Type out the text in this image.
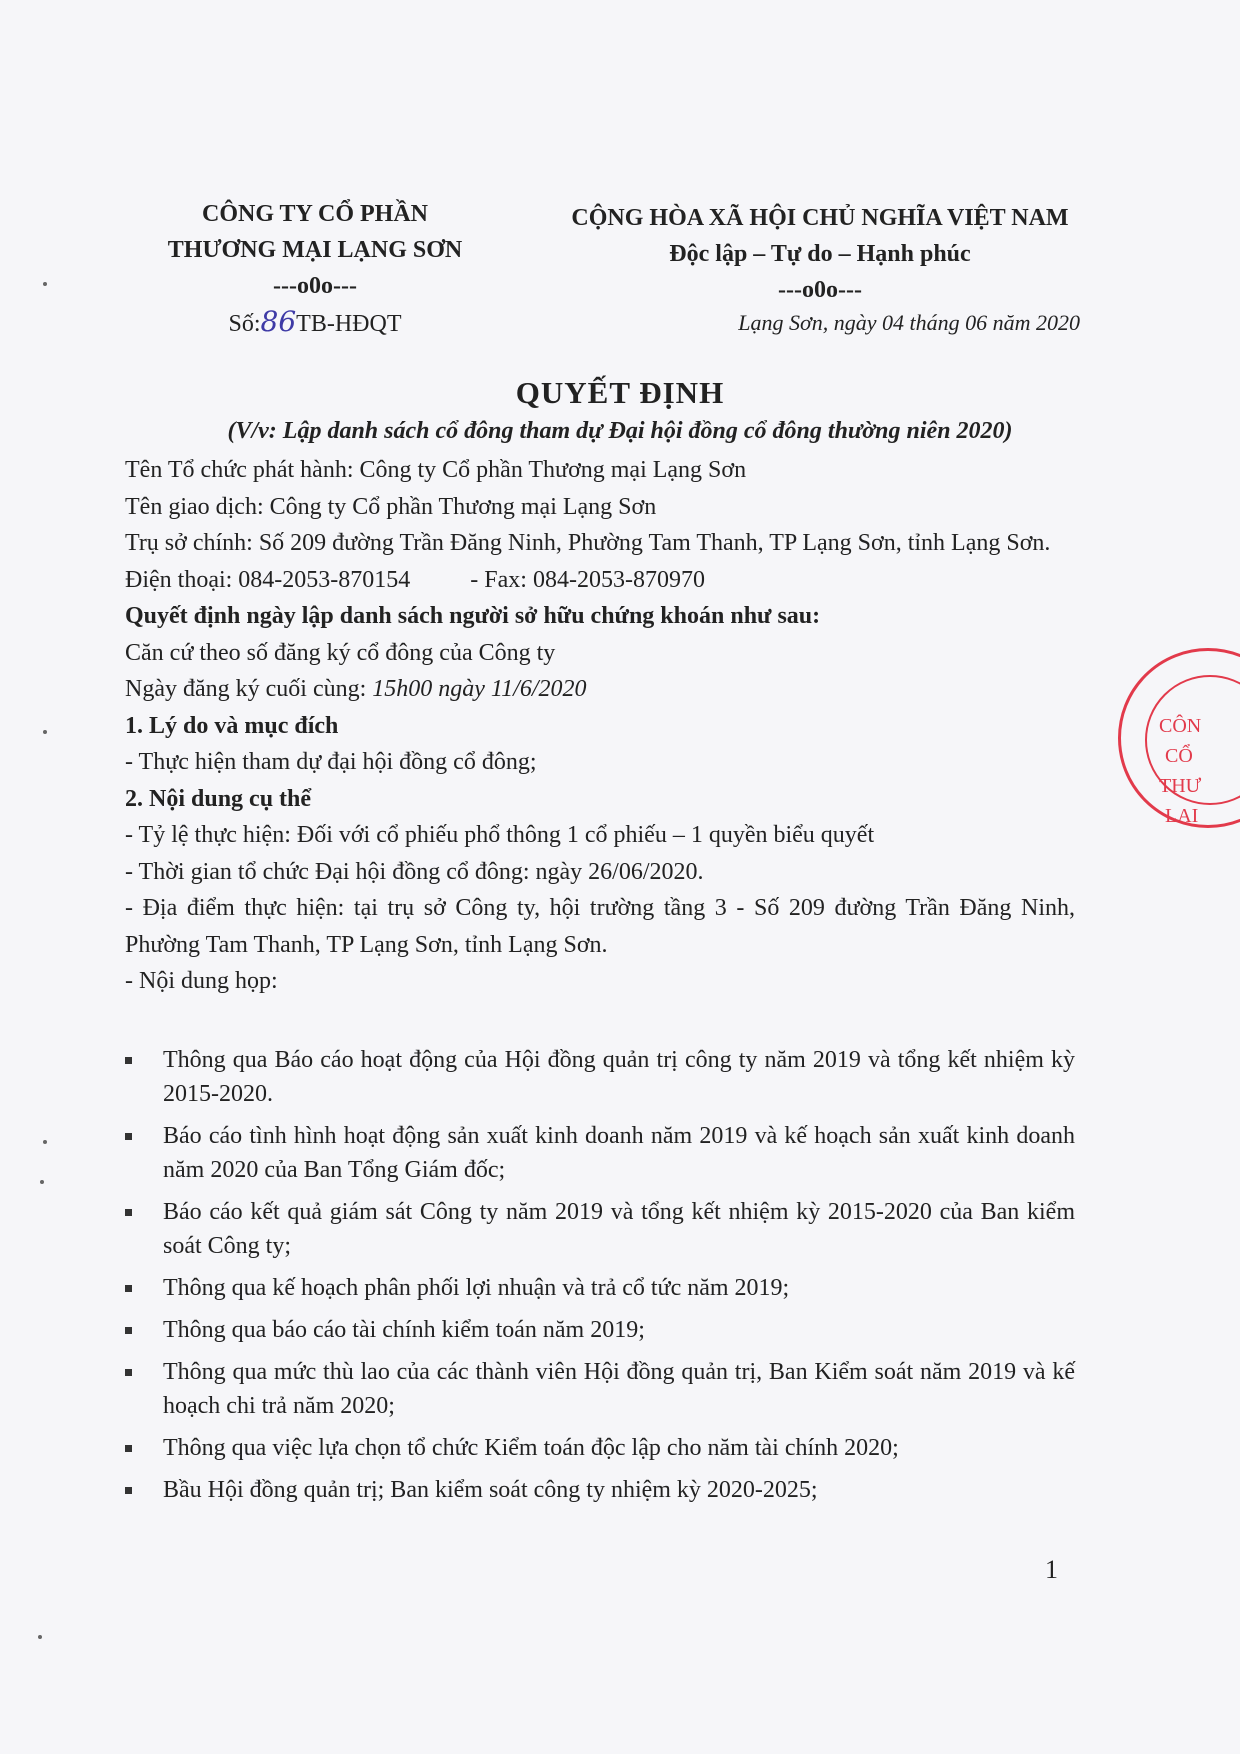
CÔNG TY CỔ PHẦN
THƯƠNG MẠI LẠNG SƠN
---o0o---
Số:86TB-HĐQT
CỘNG HÒA XÃ HỘI CHỦ NGHĨA VIỆT NAM
Độc lập – Tự do – Hạnh phúc
---o0o---
Lạng Sơn, ngày 04 tháng 06 năm 2020
QUYẾT ĐỊNH
(V/v: Lập danh sách cổ đông tham dự Đại hội đồng cổ đông thường niên 2020)

Tên Tổ chức phát hành: Công ty Cổ phần Thương mại Lạng Sơn

Tên giao dịch: Công ty Cổ phần Thương mại Lạng Sơn

Trụ sở chính: Số 209 đường Trần Đăng Ninh, Phường Tam Thanh, TP Lạng Sơn, tỉnh Lạng Sơn.

Điện thoại: 084-2053-870154	- Fax: 084-2053-870970

Quyết định ngày lập danh sách người sở hữu chứng khoán như sau:

Căn cứ theo số đăng ký cổ đông của Công ty

Ngày đăng ký cuối cùng: 15h00 ngày 11/6/2020

1. Lý do và mục đích

- Thực hiện tham dự đại hội đồng cổ đông;

2. Nội dung cụ thể

- Tỷ lệ thực hiện: Đối với cổ phiếu phổ thông 1 cổ phiếu – 1 quyền biểu quyết

- Thời gian tổ chức Đại hội đồng cổ đông: ngày 26/06/2020.

- Địa điểm thực hiện: tại trụ sở Công ty, hội trường tầng 3 - Số 209 đường Trần Đăng Ninh, Phường Tam Thanh, TP Lạng Sơn, tỉnh Lạng Sơn.

- Nội dung họp:

Thông qua Báo cáo hoạt động của Hội đồng quản trị công ty năm 2019 và tổng kết nhiệm kỳ 2015-2020.
Báo cáo tình hình hoạt động sản xuất kinh doanh năm 2019 và kế hoạch sản xuất kinh doanh năm 2020 của Ban Tổng Giám đốc;
Báo cáo kết quả giám sát Công ty năm 2019 và tổng kết nhiệm kỳ 2015-2020 của Ban kiểm soát Công ty;
Thông qua kế hoạch phân phối lợi nhuận và trả cổ tức năm 2019;
Thông qua báo cáo tài chính kiểm toán năm 2019;
Thông qua mức thù lao của các thành viên Hội đồng quản trị, Ban Kiểm soát năm 2019 và kế hoạch chi trả năm 2020;
Thông qua việc lựa chọn tổ chức Kiểm toán độc lập cho năm tài chính 2020;
Bầu Hội đồng quản trị; Ban kiểm soát công ty nhiệm kỳ 2020-2025;
1
CÔN
CỔ
THƯ
LAI
